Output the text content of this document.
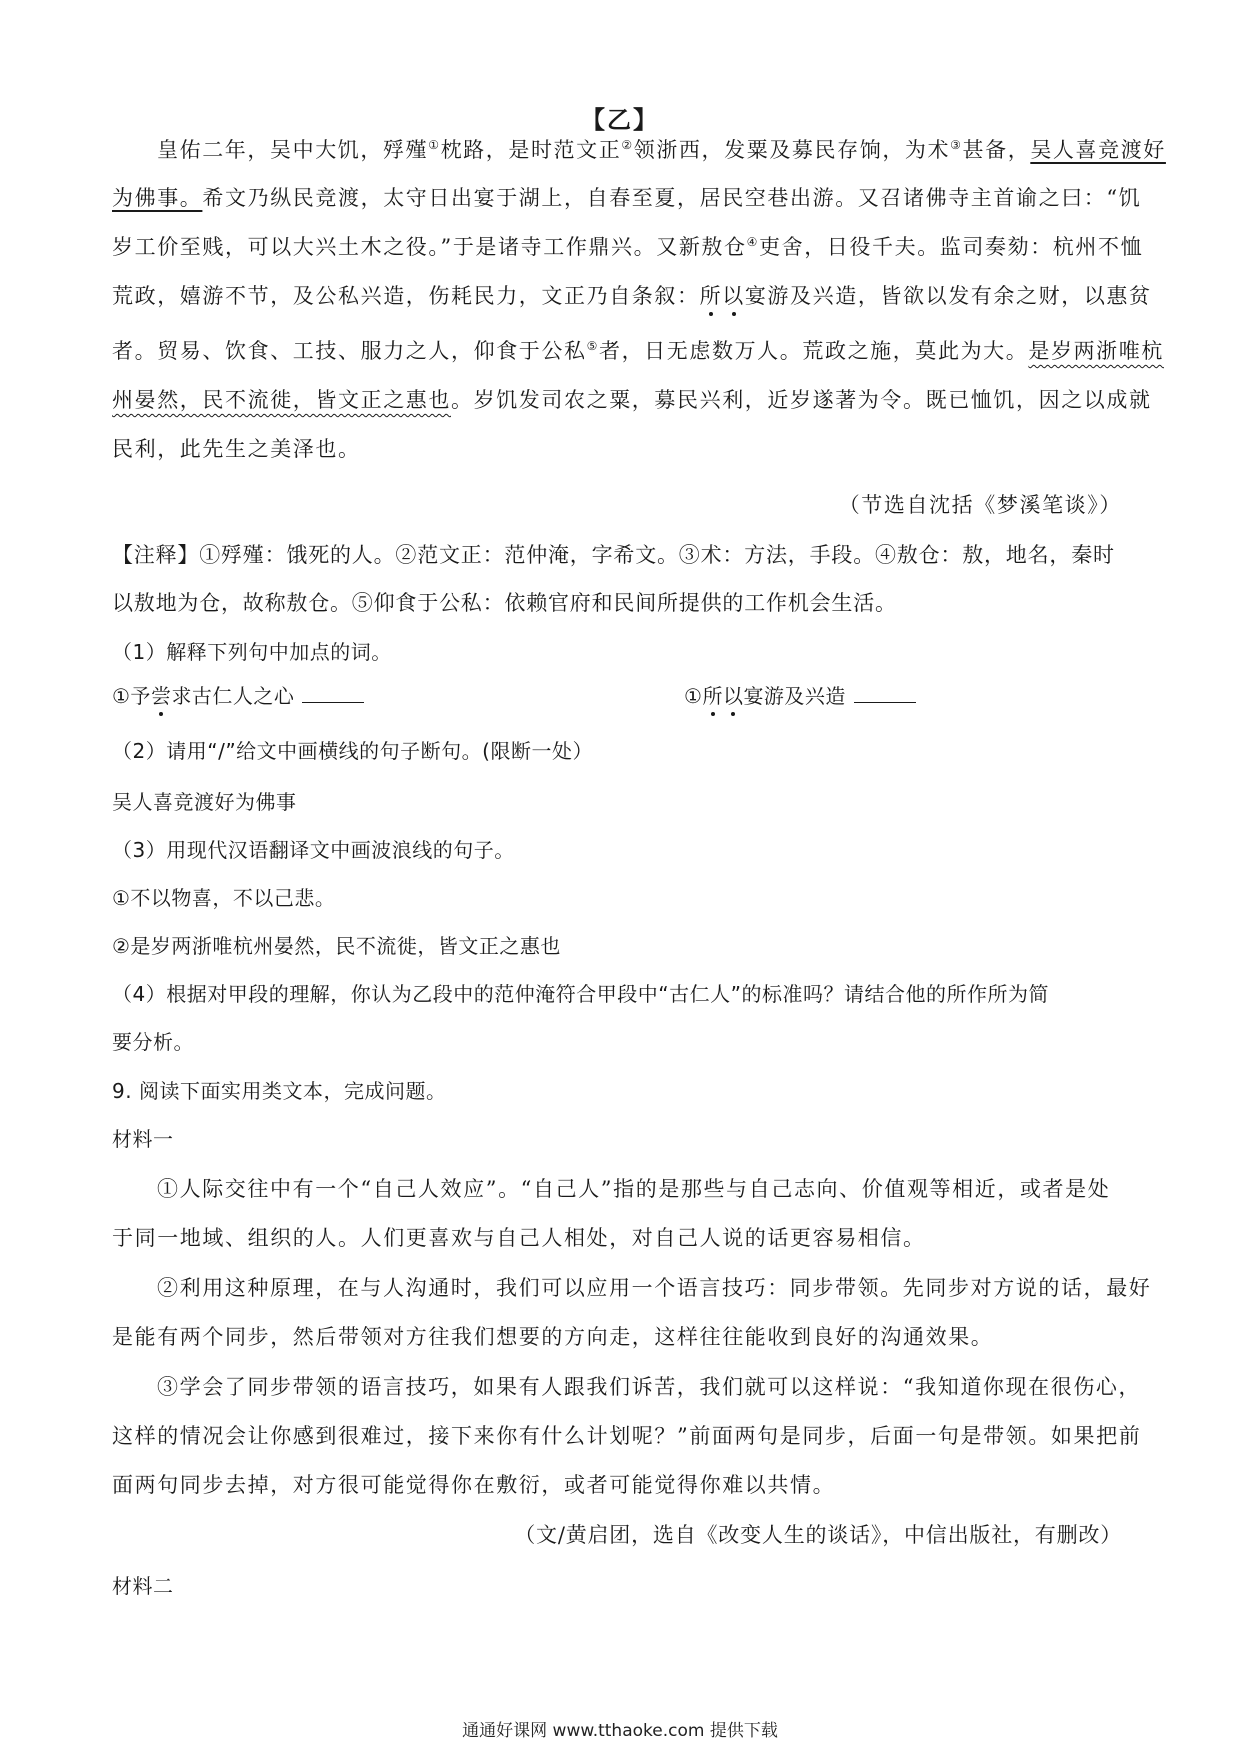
【乙】
皇佑二年，吴中大饥，殍殣①枕路，是时范文正②领浙西，发粟及募民存饷，为术③甚备，吴人喜竞渡好
为佛事。希文乃纵民竞渡，太守日出宴于湖上，自春至夏，居民空巷出游。又召诸佛寺主首谕之曰：“饥
岁工价至贱，可以大兴土木之役。”于是诸寺工作鼎兴。又新敖仓④吏舍，日役千夫。监司奏劾：杭州不恤
荒政，嬉游不节，及公私兴造，伤耗民力，文正乃自条叙：所以宴游及兴造，皆欲以发有余之财，以惠贫
者。贸易、饮食、工技、服力之人，仰食于公私⑤者，日无虑数万人。荒政之施，莫此为大。是岁两浙唯杭
州晏然，民不流徙，皆文正之惠也。岁饥发司农之粟，募民兴利，近岁遂著为令。既已恤饥，因之以成就
民利，此先生之美泽也。
（节选自沈括《梦溪笔谈》）
【注释】①殍殣：饿死的人。②范文正：范仲淹，字希文。③术：方法，手段。④敖仓：敖，地名，秦时
以敖地为仓，故称敖仓。⑤仰食于公私：依赖官府和民间所提供的工作机会生活。
（1）解释下列句中加点的词。
①予尝求古仁人之心	①所以宴游及兴造
（2）请用“/”给文中画横线的句子断句。(限断一处）
吴人喜竞渡好为佛事
（3）用现代汉语翻译文中画波浪线的句子。
①不以物喜，不以己悲。
②是岁两浙唯杭州晏然，民不流徙，皆文正之惠也
（4）根据对甲段的理解，你认为乙段中的范仲淹符合甲段中“古仁人”的标准吗？请结合他的所作所为简
要分析。
9. 阅读下面实用类文本，完成问题。
材料一
①人际交往中有一个“自己人效应”。“自己人”指的是那些与自己志向、价值观等相近，或者是处
于同一地域、组织的人。人们更喜欢与自己人相处，对自己人说的话更容易相信。
②利用这种原理，在与人沟通时，我们可以应用一个语言技巧：同步带领。先同步对方说的话，最好
是能有两个同步，然后带领对方往我们想要的方向走，这样往往能收到良好的沟通效果。
③学会了同步带领的语言技巧，如果有人跟我们诉苦，我们就可以这样说：“我知道你现在很伤心，
这样的情况会让你感到很难过，接下来你有什么计划呢？”前面两句是同步，后面一句是带领。如果把前
面两句同步去掉，对方很可能觉得你在敷衍，或者可能觉得你难以共情。
（文/黄启团，选自《改变人生的谈话》，中信出版社，有删改）
材料二
通通好课网 www.tthaoke.com 提供下载
